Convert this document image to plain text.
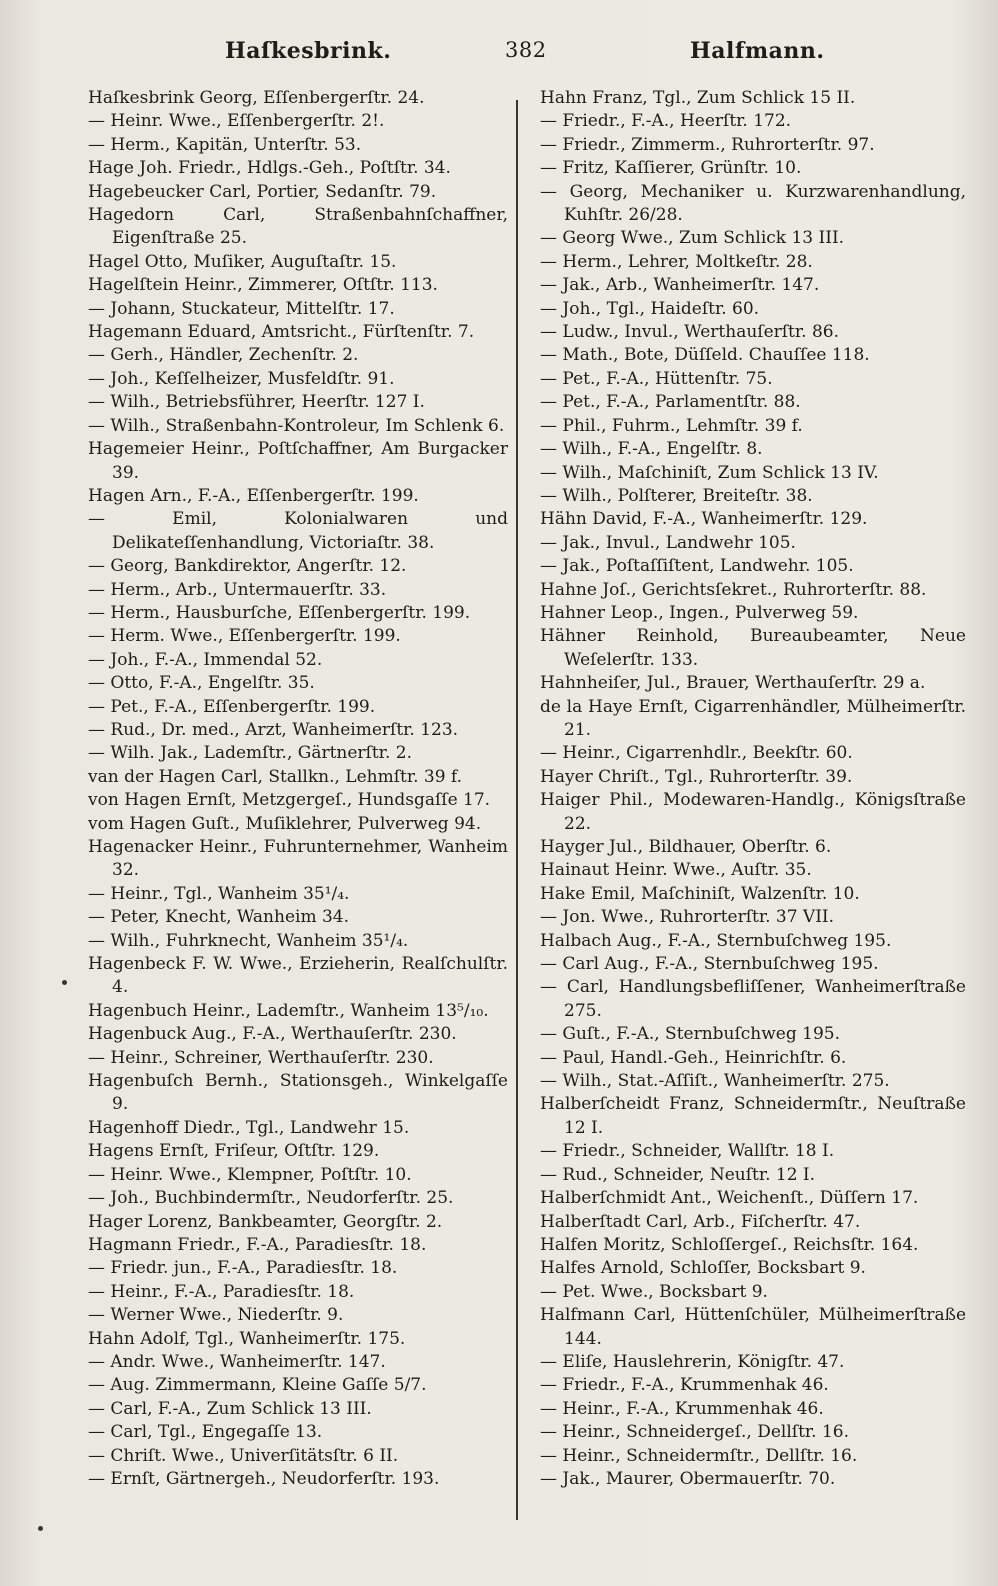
Haſkesbrink.	382	Halfmann.
Haſkesbrink Georg, Eſſenbergerſtr. 24.
— Heinr. Wwe., Eſſenbergerſtr. 2!.
— Herm., Kapitän, Unterſtr. 53.
Hage Joh. Friedr., Hdlgs.-Geh., Poſtſtr. 34.
Hagebeucker Carl, Portier, Sedanſtr. 79.
Hagedorn Carl, Straßenbahnſchaffner, Eigenſtraße 25.
Hagel Otto, Muſiker, Auguſtaſtr. 15.
Hagelſtein Heinr., Zimmerer, Oſtſtr. 113.
— Johann, Stuckateur, Mittelſtr. 17.
Hagemann Eduard, Amtsricht., Fürſtenſtr. 7.
— Gerh., Händler, Zechenſtr. 2.
— Joh., Keſſelheizer, Musfeldſtr. 91.
— Wilh., Betriebsführer, Heerſtr. 127 I.
— Wilh., Straßenbahn-Kontroleur, Im Schlenk 6.
Hagemeier Heinr., Poſtſchaffner, Am Burgacker 39.
Hagen Arn., F.-A., Eſſenbergerſtr. 199.
— Emil, Kolonialwaren und Delikateſſenhandlung, Victoriaſtr. 38.
— Georg, Bankdirektor, Angerſtr. 12.
— Herm., Arb., Untermauerſtr. 33.
— Herm., Hausburſche, Eſſenbergerſtr. 199.
— Herm. Wwe., Eſſenbergerſtr. 199.
— Joh., F.-A., Immendal 52.
— Otto, F.-A., Engelſtr. 35.
— Pet., F.-A., Eſſenbergerſtr. 199.
— Rud., Dr. med., Arzt, Wanheimerſtr. 123.
— Wilh. Jak., Lademſtr., Gärtnerſtr. 2.
van der Hagen Carl, Stallkn., Lehmſtr. 39 f.
von Hagen Ernſt, Metzgergeſ., Hundsgaſſe 17.
vom Hagen Guſt., Muſiklehrer, Pulverweg 94.
Hagenacker Heinr., Fuhrunternehmer, Wanheim 32.
— Heinr., Tgl., Wanheim 35¹/₄.
— Peter, Knecht, Wanheim 34.
— Wilh., Fuhrknecht, Wanheim 35¹/₄.
Hagenbeck F. W. Wwe., Erzieherin, Realſchulſtr. 4.
Hagenbuch Heinr., Lademſtr., Wanheim 13⁵/₁₀.
Hagenbuck Aug., F.-A., Werthauſerſtr. 230.
— Heinr., Schreiner, Werthauſerſtr. 230.
Hagenbuſch Bernh., Stationsgeh., Winkelgaſſe 9.
Hagenhoff Diedr., Tgl., Landwehr 15.
Hagens Ernſt, Friſeur, Oſtſtr. 129.
— Heinr. Wwe., Klempner, Poſtſtr. 10.
— Joh., Buchbindermſtr., Neudorferſtr. 25.
Hager Lorenz, Bankbeamter, Georgſtr. 2.
Hagmann Friedr., F.-A., Paradiesſtr. 18.
— Friedr. jun., F.-A., Paradiesſtr. 18.
— Heinr., F.-A., Paradiesſtr. 18.
— Werner Wwe., Niederſtr. 9.
Hahn Adolf, Tgl., Wanheimerſtr. 175.
— Andr. Wwe., Wanheimerſtr. 147.
— Aug. Zimmermann, Kleine Gaſſe 5/7.
— Carl, F.-A., Zum Schlick 13 III.
— Carl, Tgl., Engegaſſe 13.
— Chriſt. Wwe., Univerſitätsſtr. 6 II.
— Ernſt, Gärtnergeh., Neudorferſtr. 193.
Hahn Franz, Tgl., Zum Schlick 15 II.
— Friedr., F.-A., Heerſtr. 172.
— Friedr., Zimmerm., Ruhrorterſtr. 97.
— Fritz, Kaſſierer, Grünſtr. 10.
— Georg, Mechaniker u. Kurzwarenhandlung, Kuhſtr. 26/28.
— Georg Wwe., Zum Schlick 13 III.
— Herm., Lehrer, Moltkeſtr. 28.
— Jak., Arb., Wanheimerſtr. 147.
— Joh., Tgl., Haideſtr. 60.
— Ludw., Invul., Werthauſerſtr. 86.
— Math., Bote, Düſſeld. Chauſſee 118.
— Pet., F.-A., Hüttenſtr. 75.
— Pet., F.-A., Parlamentſtr. 88.
— Phil., Fuhrm., Lehmſtr. 39 f.
— Wilh., F.-A., Engelſtr. 8.
— Wilh., Maſchiniſt, Zum Schlick 13 IV.
— Wilh., Polſterer, Breiteſtr. 38.
Hähn David, F.-A., Wanheimerſtr. 129.
— Jak., Invul., Landwehr 105.
— Jak., Poſtaſſiſtent, Landwehr. 105.
Hahne Joſ., Gerichtsſekret., Ruhrorterſtr. 88.
Hahner Leop., Ingen., Pulverweg 59.
Hähner Reinhold, Bureaubeamter, Neue Weſelerſtr. 133.
Hahnheiſer, Jul., Brauer, Werthauſerſtr. 29 a.
de la Haye Ernſt, Cigarrenhändler, Mülheimerſtr. 21.
— Heinr., Cigarrenhdlr., Beekſtr. 60.
Hayer Chriſt., Tgl., Ruhrorterſtr. 39.
Haiger Phil., Modewaren-Handlg., Königsſtraße 22.
Hayger Jul., Bildhauer, Oberſtr. 6.
Hainaut Heinr. Wwe., Auſtr. 35.
Hake Emil, Maſchiniſt, Walzenſtr. 10.
— Jon. Wwe., Ruhrorterſtr. 37 VII.
Halbach Aug., F.-A., Sternbuſchweg 195.
— Carl Aug., F.-A., Sternbuſchweg 195.
— Carl, Handlungsbefliſſener, Wanheimerſtraße 275.
— Guſt., F.-A., Sternbuſchweg 195.
— Paul, Handl.-Geh., Heinrichſtr. 6.
— Wilh., Stat.-Aſſiſt., Wanheimerſtr. 275.
Halberſcheidt Franz, Schneidermſtr., Neuſtraße 12 I.
— Friedr., Schneider, Wallſtr. 18 I.
— Rud., Schneider, Neuſtr. 12 I.
Halberſchmidt Ant., Weichenſt., Düſſern 17.
Halberſtadt Carl, Arb., Fiſcherſtr. 47.
Halfen Moritz, Schloſſergeſ., Reichsſtr. 164.
Halfes Arnold, Schloſſer, Bocksbart 9.
— Pet. Wwe., Bocksbart 9.
Halfmann Carl, Hüttenſchüler, Mülheimerſtraße 144.
— Eliſe, Hauslehrerin, Königſtr. 47.
— Friedr., F.-A., Krummenhak 46.
— Heinr., F.-A., Krummenhak 46.
— Heinr., Schneidergeſ., Dellſtr. 16.
— Heinr., Schneidermſtr., Dellſtr. 16.
— Jak., Maurer, Obermauerſtr. 70.
